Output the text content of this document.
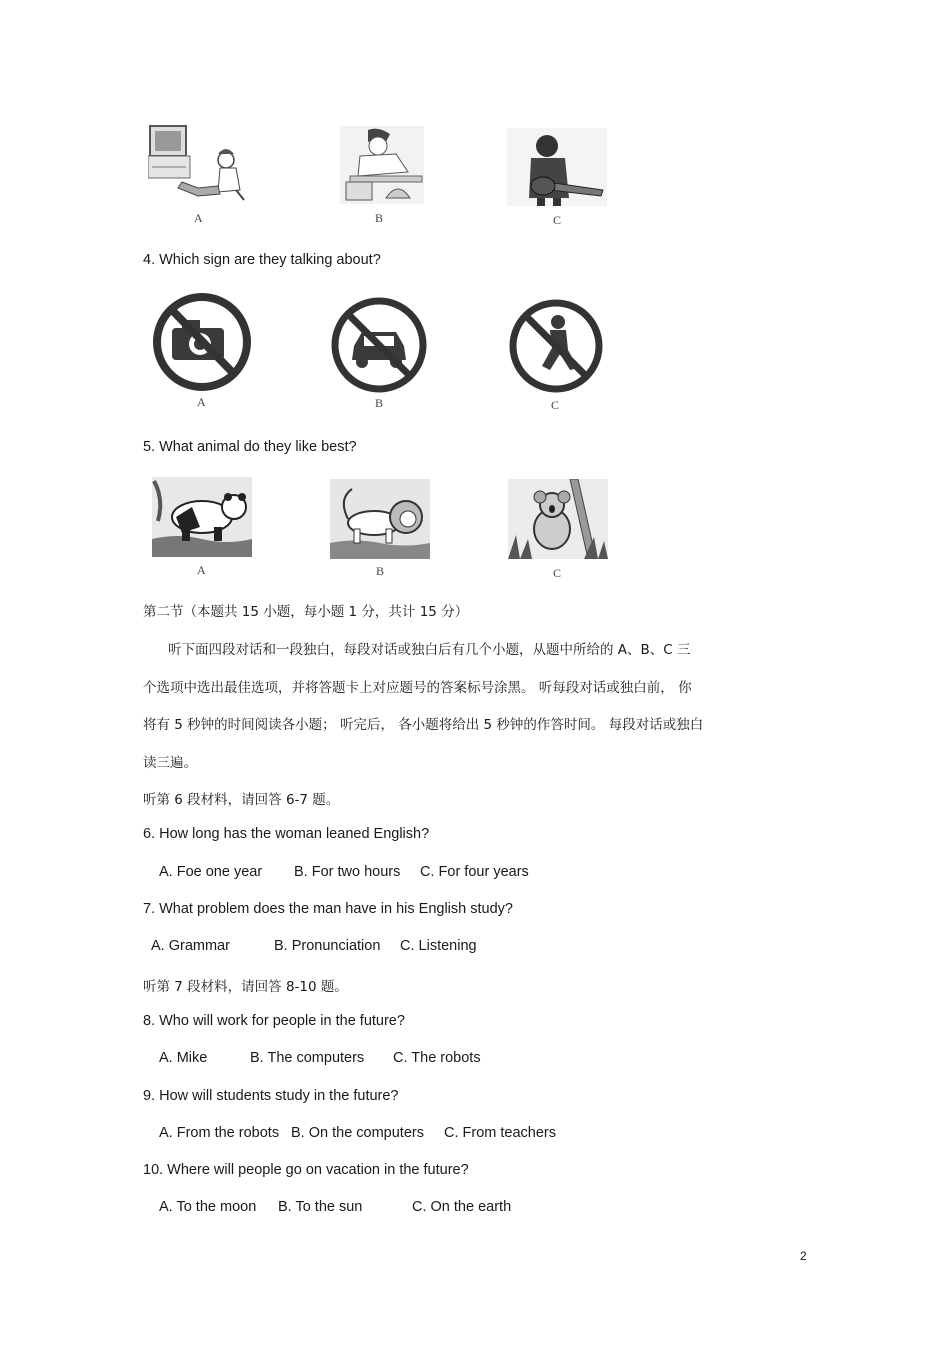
A	B	C
4. Which sign are they talking about?
A	B	C
5. What animal do they like best?
A	B	C
第二节（本题共 15 小题，每小题 1 分，共计 15 分）
听下面四段对话和一段独白，每段对话或独白后有几个小题，从题中所给的 A、B、C 三
个选项中选出最佳选项，并将答题卡上对应题号的答案标号涂黑。 听每段对话或独白前， 你
将有 5 秒钟的时间阅读各小题； 听完后， 各小题将给出 5 秒钟的作答时间。 每段对话或独白
读三遍。
听第 6 段材料，请回答 6-7 题。
6. How long has the woman leaned English?
A. Foe one year B. For two hours C. For four years
7. What problem does the man have in his English study?
A. Grammar	B. Pronunciation C. Listening
听第 7 段材料，请回答 8-10 题。
8. Who will work for people in the future?
A. Mike	B. The computers C. The robots
9. How will students study in the future?
A. From the robots B. On the computers C. From teachers
10. Where will people go on vacation in the future?
A. To the moon B. To the sun	C. On the earth
2
